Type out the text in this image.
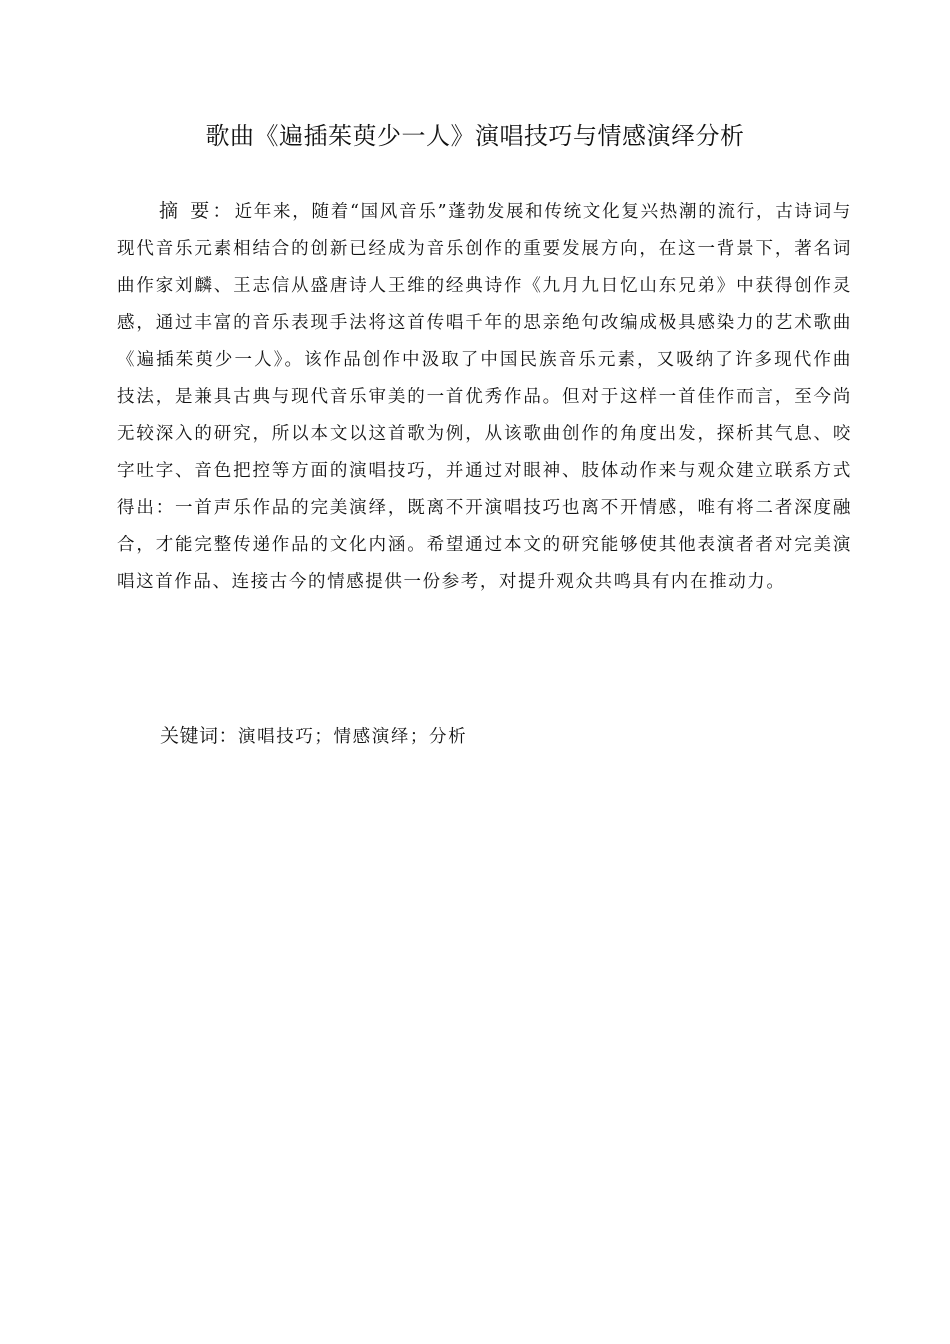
歌曲《遍插茱萸少一人》演唱技巧与情感演绎分析

摘 要：近年来，随着“国风音乐”蓬勃发展和传统文化复兴热潮的流行，古诗词与现代音乐元素相结合的创新已经成为音乐创作的重要发展方向，在这一背景下，著名词曲作家刘麟、王志信从盛唐诗人王维的经典诗作《九月九日忆山东兄弟》中获得创作灵感，通过丰富的音乐表现手法将这首传唱千年的思亲绝句改编成极具感染力的艺术歌曲《遍插茱萸少一人》。该作品创作中汲取了中国民族音乐元素，又吸纳了许多现代作曲技法，是兼具古典与现代音乐审美的一首优秀作品。但对于这样一首佳作而言，至今尚无较深入的研究，所以本文以这首歌为例，从该歌曲创作的角度出发，探析其气息、咬字吐字、音色把控等方面的演唱技巧，并通过对眼神、肢体动作来与观众建立联系方式得出：一首声乐作品的完美演绎，既离不开演唱技巧也离不开情感，唯有将二者深度融合，才能完整传递作品的文化内涵。希望通过本文的研究能够使其他表演者者对完美演唱这首作品、连接古今的情感提供一份参考，对提升观众共鸣具有内在推动力。

关键词：演唱技巧；情感演绎；分析
